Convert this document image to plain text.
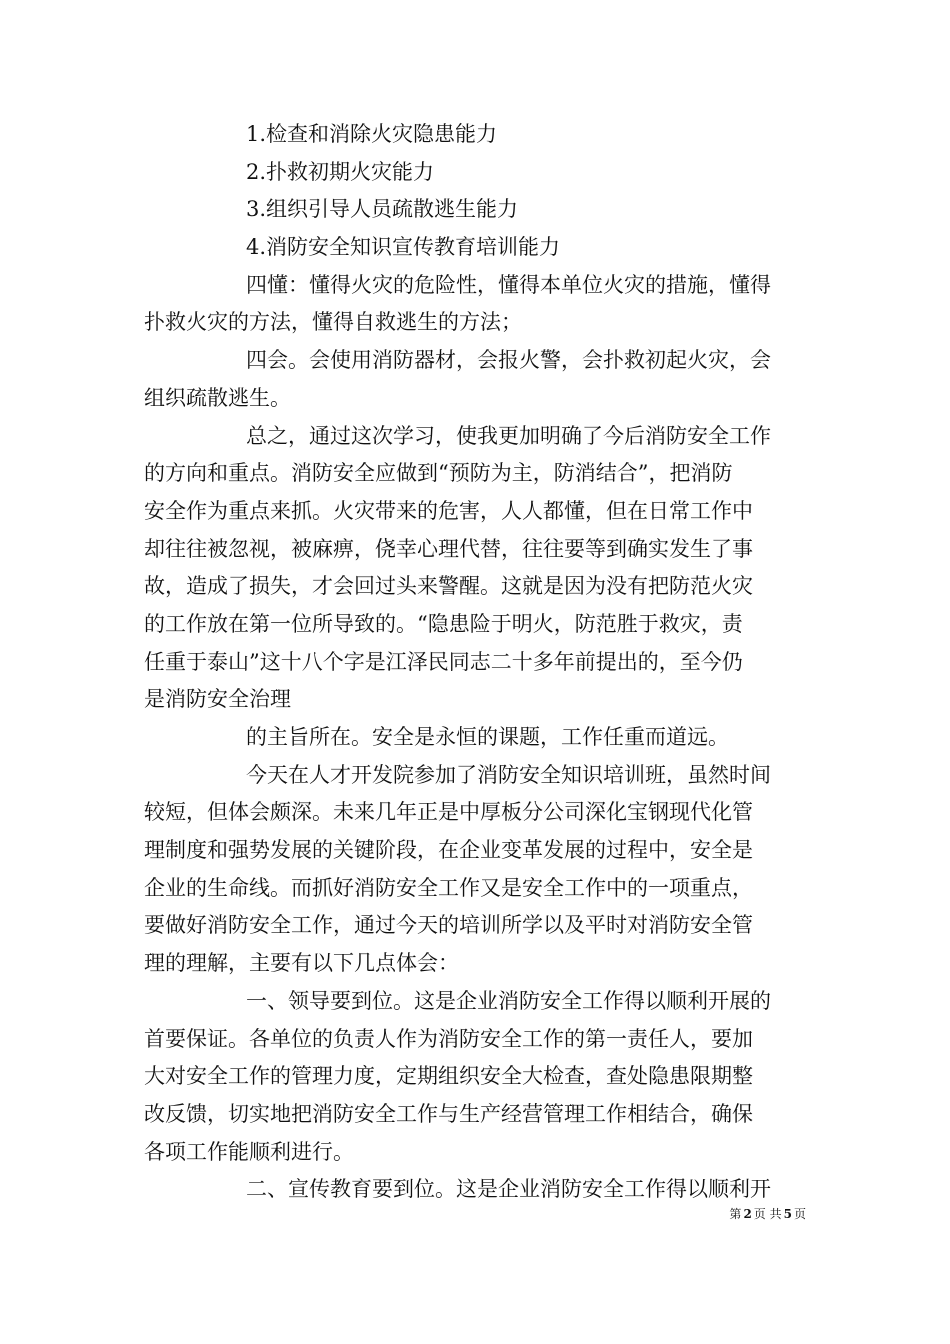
1.检查和消除火灾隐患能力
2.扑救初期火灾能力
3.组织引导人员疏散逃生能力
4.消防安全知识宣传教育培训能力
四懂：懂得火灾的危险性，懂得本单位火灾的措施，懂得
扑救火灾的方法，懂得自救逃生的方法；
四会。会使用消防器材，会报火警，会扑救初起火灾，会
组织疏散逃生。
总之，通过这次学习，使我更加明确了今后消防安全工作
的方向和重点。消防安全应做到“预防为主，防消结合”，把消防
安全作为重点来抓。火灾带来的危害，人人都懂，但在日常工作中
却往往被忽视，被麻痹，侥幸心理代替，往往要等到确实发生了事
故，造成了损失，才会回过头来警醒。这就是因为没有把防范火灾
的工作放在第一位所导致的。“隐患险于明火，防范胜于救灾，责
任重于泰山”这十八个字是江泽民同志二十多年前提出的，至今仍
是消防安全治理
的主旨所在。安全是永恒的课题，工作任重而道远。
今天在人才开发院参加了消防安全知识培训班，虽然时间
较短，但体会颇深。未来几年正是中厚板分公司深化宝钢现代化管
理制度和强势发展的关键阶段，在企业变革发展的过程中，安全是
企业的生命线。而抓好消防安全工作又是安全工作中的一项重点，
要做好消防安全工作，通过今天的培训所学以及平时对消防安全管
理的理解，主要有以下几点体会：
一、领导要到位。这是企业消防安全工作得以顺利开展的
首要保证。各单位的负责人作为消防安全工作的第一责任人，要加
大对安全工作的管理力度，定期组织安全大检查，查处隐患限期整
改反馈，切实地把消防安全工作与生产经营管理工作相结合，确保
各项工作能顺利进行。
二、宣传教育要到位。这是企业消防安全工作得以顺利开
第 2 页 共 5 页
